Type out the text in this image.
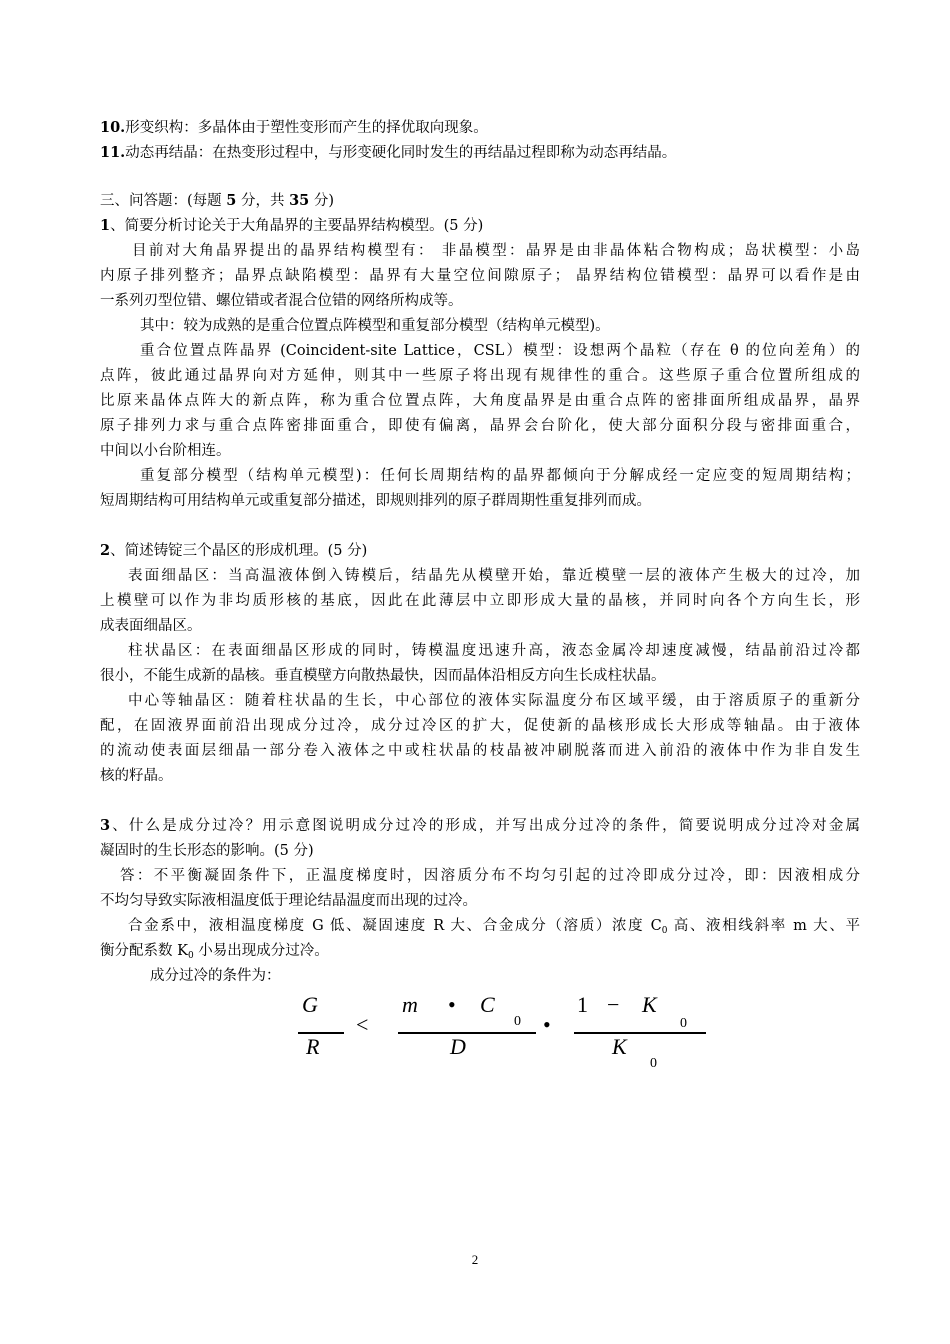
10.形变织构：多晶体由于塑性变形而产生的择优取向现象。
11.动态再结晶：在热变形过程中，与形变硬化同时发生的再结晶过程即称为动态再结晶。
三、问答题：(每题 5 分，共 35 分)
1、简要分析讨论关于大角晶界的主要晶界结构模型。(5 分)
目前对大角晶界提出的晶界结构模型有： 非晶模型：晶界是由非晶体粘合物构成；岛状模型：小岛
内原子排列整齐；晶界点缺陷模型：晶界有大量空位间隙原子； 晶界结构位错模型：晶界可以看作是由
一系列刃型位错、螺位错或者混合位错的网络所构成等。
其中：较为成熟的是重合位置点阵模型和重复部分模型（结构单元模型)。
重合位置点阵晶界 (Coincident-site Lattice，CSL）模型：设想两个晶粒（存在 θ 的位向差角）的
点阵，彼此通过晶界向对方延伸，则其中一些原子将出现有规律性的重合。这些原子重合位置所组成的
比原来晶体点阵大的新点阵，称为重合位置点阵，大角度晶界是由重合点阵的密排面所组成晶界，晶界
原子排列力求与重合点阵密排面重合，即使有偏离，晶界会台阶化，使大部分面积分段与密排面重合，
中间以小台阶相连。
重复部分模型（结构单元模型)：任何长周期结构的晶界都倾向于分解成经一定应变的短周期结构；
短周期结构可用结构单元或重复部分描述，即规则排列的原子群周期性重复排列而成。
2、简述铸锭三个晶区的形成机理。(5 分)
表面细晶区：当高温液体倒入铸模后，结晶先从模壁开始，靠近模壁一层的液体产生极大的过冷，加
上模壁可以作为非均质形核的基底，因此在此薄层中立即形成大量的晶核，并同时向各个方向生长，形
成表面细晶区。
柱状晶区：在表面细晶区形成的同时，铸模温度迅速升高，液态金属冷却速度减慢，结晶前沿过冷都
很小，不能生成新的晶核。垂直模壁方向散热最快，因而晶体沿相反方向生长成柱状晶。
中心等轴晶区：随着柱状晶的生长，中心部位的液体实际温度分布区域平缓，由于溶质原子的重新分
配，在固液界面前沿出现成分过冷，成分过冷区的扩大，促使新的晶核形成长大形成等轴晶。由于液体
的流动使表面层细晶一部分卷入液体之中或柱状晶的枝晶被冲刷脱落而进入前沿的液体中作为非自发生
核的籽晶。
3、什么是成分过冷？用示意图说明成分过冷的形成，并写出成分过冷的条件，简要说明成分过冷对金属
凝固时的生长形态的影响。(5 分)
答：不平衡凝固条件下，正温度梯度时，因溶质分布不均匀引起的过冷即成分过冷，即：因液相成分
不均匀导致实际液相温度低于理论结晶温度而出现的过冷。
合金系中，液相温度梯度 G 低、凝固速度 R 大、合金成分（溶质）浓度 $C_0$ 高、液相线斜率 m 大、平
衡分配系数 $K_0$ 小易出现成分过冷。
成分过冷的条件为：
G
R
<
m • C
0
D
•
1 − K
0
K
0
2
